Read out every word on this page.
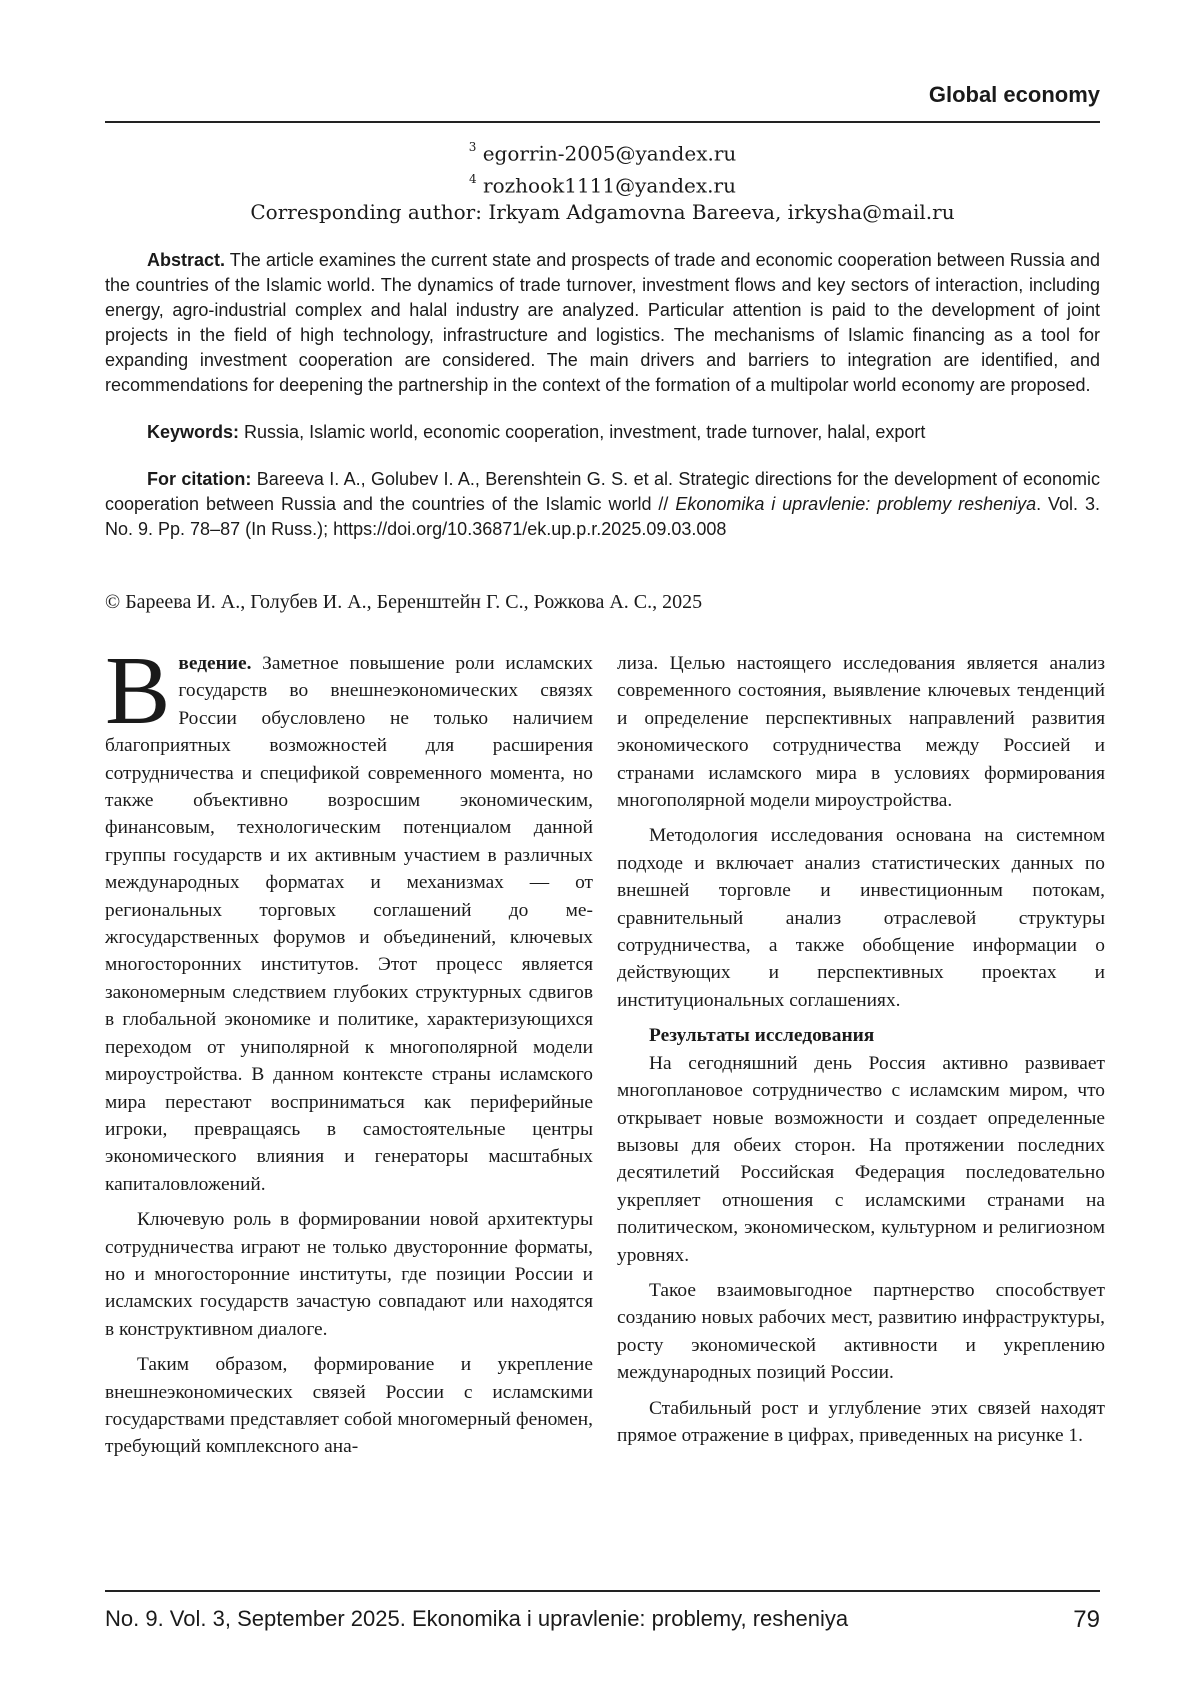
Global economy
$^3$ egorrin-2005@yandex.ru
$^4$ rozhook1111@yandex.ru
Corresponding author: Irkyam Adgamovna Bareeva, irkysha@mail.ru

Abstract. The article examines the current state and prospects of trade and economic cooperation between Russia and the countries of the Islamic world. The dynamics of trade turnover, investment flows and key sectors of interaction, including energy, agro-industrial complex and halal industry are analyzed. Particular attention is paid to the development of joint projects in the field of high technology, infrastructure and logistics. The mechanisms of Islamic financing as a tool for expanding investment cooperation are considered. The main drivers and barriers to integration are identified, and recommendations for deepening the partnership in the context of the formation of a multipolar world economy are proposed.

Keywords: Russia, Islamic world, economic cooperation, investment, trade turnover, halal, export

For citation: Bareeva I. A., Golubev I. A., Berenshtein G. S. et al. Strategic directions for the development of economic cooperation between Russia and the countries of the Islamic world // Ekonomika i upravlenie: problemy resheniya. Vol. 3. No. 9. Pp. 78–87 (In Russ.); https://doi.org/10.36871/ek.up.p.r.2025.09.03.008

© Бареева И. А., Голубев И. А., Беренштейн Г. С., Рожкова А. С., 2025

Введение. Заметное повышение роли исламских государств во внешнеэкономических связях России обусловлено не только наличием благоприятных возможностей для расширения сотрудничества и спецификой современного момента, но также объективно возросшим экономическим, финансовым, технологическим потенциалом данной группы государств и их активным участием в различных международных форматах и механизмах — от региональных торговых соглашений до межгосударственных форумов и объединений, ключевых многосторонних институтов. Этот процесс является закономерным следствием глубоких структурных сдвигов в глобальной экономике и политике, характеризующихся переходом от униполярной к многополярной модели мироустройства. В данном контексте страны исламского мира перестают восприниматься как периферийные игроки, превращаясь в самостоятельные центры экономического влияния и генераторы масштабных капиталовложений.

Ключевую роль в формировании новой архитектуры сотрудничества играют не только двусторонние форматы, но и многосторонние институты, где позиции России и исламских государств зачастую совпадают или находятся в конструктивном диалоге.

Таким образом, формирование и укрепление внешнеэкономических связей России с исламскими государствами представляет собой многомерный феномен, требующий комплексного ана-

лиза. Целью настоящего исследования является анализ современного состояния, выявление ключевых тенденций и определение перспективных направлений развития экономического сотрудничества между Россией и странами исламского мира в условиях формирования многополярной модели мироустройства.

Методология исследования основана на системном подходе и включает анализ статистических данных по внешней торговле и инвестиционным потокам, сравнительный анализ отраслевой структуры сотрудничества, а также обобщение информации о действующих и перспективных проектах и институциональных соглашениях.

Результаты исследования

На сегодняшний день Россия активно развивает многоплановое сотрудничество с исламским миром, что открывает новые возможности и создает определенные вызовы для обеих сторон. На протяжении последних десятилетий Российская Федерация последовательно укрепляет отношения с исламскими странами на политическом, экономическом, культурном и религиозном уровнях.

Такое взаимовыгодное партнерство способствует созданию новых рабочих мест, развитию инфраструктуры, росту экономической активности и укреплению международных позиций России.

Стабильный рост и углубление этих связей находят прямое отражение в цифрах, приведенных на рисунке 1.

No. 9. Vol. 3, September 2025. Ekonomika i upravlenie: problemy, resheniya	79
